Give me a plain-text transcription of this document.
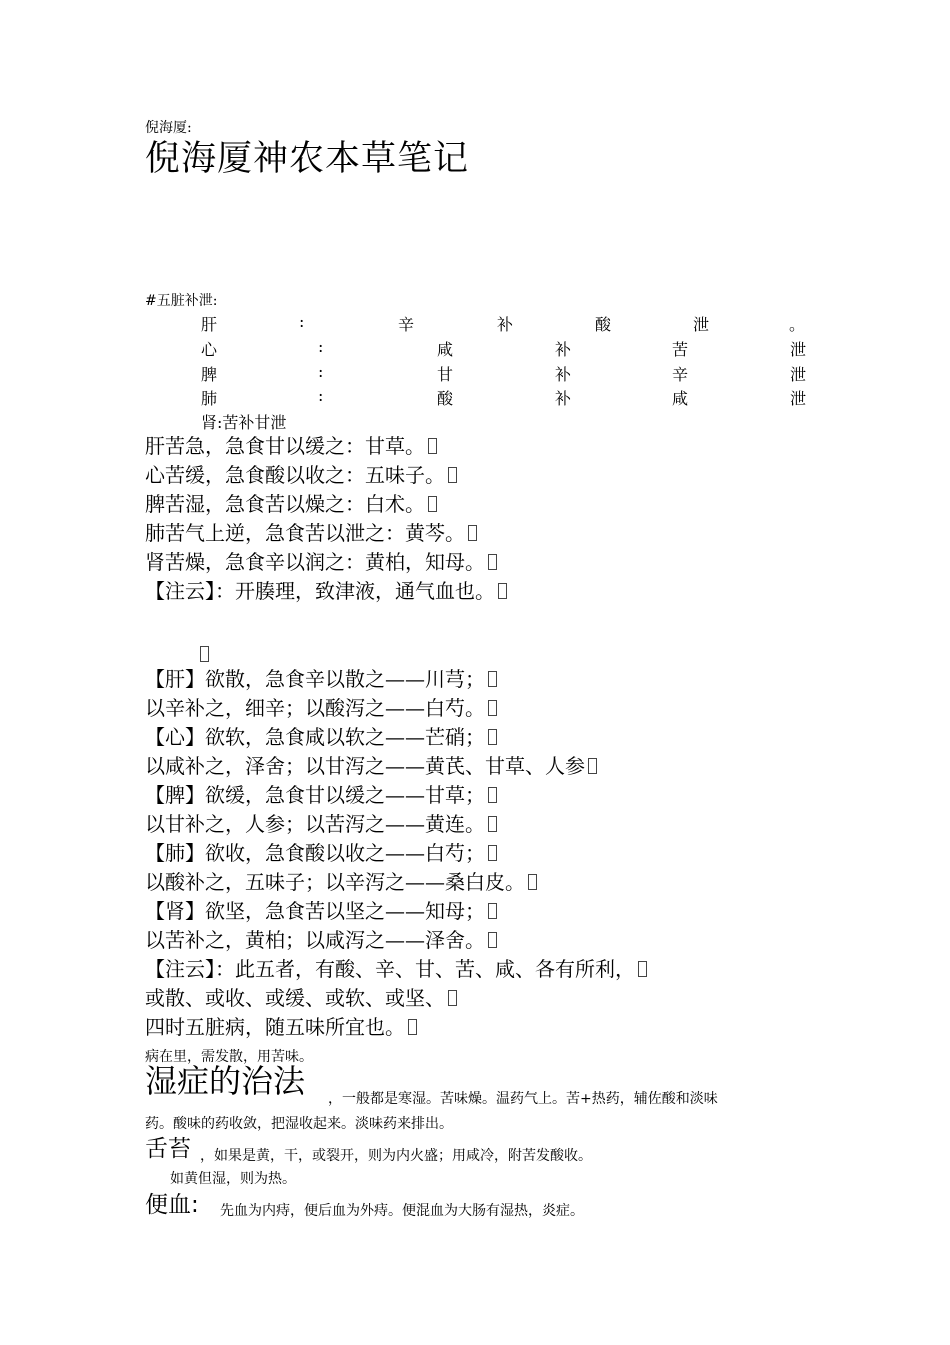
倪海厦:
倪海厦神农本草笔记
#五脏补泄:
肝	:	辛	补	酸	泄	。
心	:	咸	补	苦	泄
脾	:	甘	补	辛	泄
肺	:	酸	补	咸	泄
肾:苦补甘泄
肝苦急，急食甘以缓之：甘草。
心苦缓，急食酸以收之：五味子。
脾苦湿，急食苦以燥之：白术。
肺苦气上逆，急食苦以泄之：黄芩。
肾苦燥，急食辛以润之：黄柏，知母。
【注云】：开腠理，致津液，通气血也。
【肝】欲散，急食辛以散之——川芎；
以辛补之，细辛；以酸泻之——白芍。
【心】欲软，急食咸以软之——芒硝；
以咸补之，泽舍；以甘泻之——黄芪、甘草、人参
【脾】欲缓，急食甘以缓之——甘草；
以甘补之，人参；以苦泻之——黄连。
【肺】欲收，急食酸以收之——白芍；
以酸补之，五味子；以辛泻之——桑白皮。
【肾】欲坚，急食苦以坚之——知母；
以苦补之，黄柏；以咸泻之——泽舍。
【注云】：此五者，有酸、辛、甘、苦、咸、各有所利，
或散、或收、或缓、或软、或坚、
四时五脏病，随五味所宜也。
病在里，需发散，用苦味。
湿症的治法 ，一般都是寒湿。苦味燥。温药气上。苦+热药，辅佐酸和淡味
药。酸味的药收敛，把湿收起来。淡味药来排出。
舌苔 ，如果是黄，干，或裂开，则为内火盛；用咸冷，附苦发酸收。
如黄但湿，则为热。
便血: 先血为内痔，便后血为外痔。便混血为大肠有湿热，炎症。
